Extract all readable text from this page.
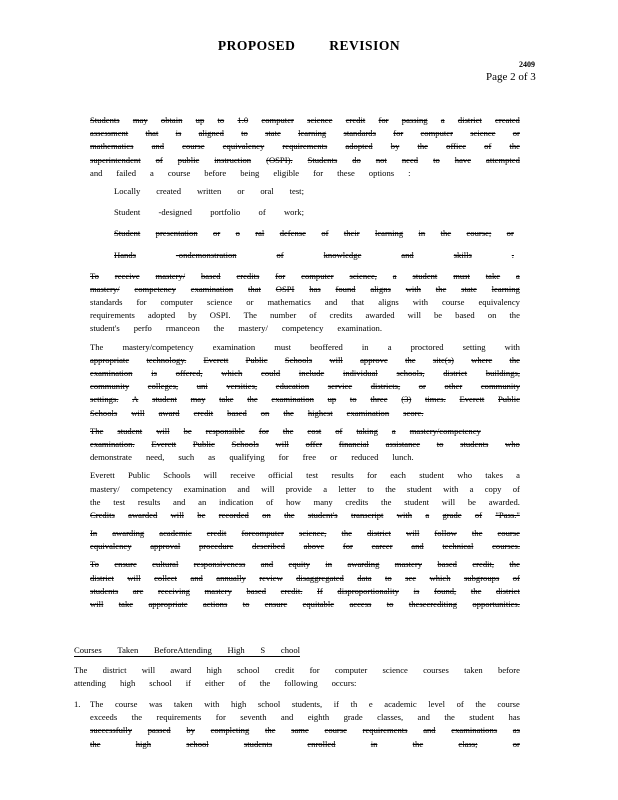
PROPOSED REVISION
2409
Page 2 of 3
Students may obtain up to 1.0 computer science credit for passing a district created
assessment that is aligned to state learning standards for computer science or
mathematics and course equivalency requirements adopted by the office of the
superintendent of public instruction (OSPI). Students do not need to have attempted
and failed a course before being eligible for these options :
Locally created written or oral test;
Student -designed portfolio of work;
Student presentation or o ral defense of their learning in the course; or
Hands	-ondemonstration	of	knowledge	and	skills	.
To receive mastery/ based credits for computer science, a student must take a
mastery/ competency examination that OSPI has found aligns with the state learning
standards for computer science or mathematics and that aligns with course equivalency
requirements adopted by OSPI. The number of credits awarded will be based on the
student's perfo rmanceon the mastery/ competency examination.
The mastery/competency examination must beoffered in a proctored setting with
appropriate technology. Everett Public Schools will approve the site(s) where the
examination is offered, which could include individual schools, district buildings,
community colleges, uni versities, education service districts, or other community
settings. A student may take the examination up to three (3) times. Everett Public
Schools will award credit based on the highest examination score.
The student will be responsible for the cost of taking a mastery/competency
examination. Everett Public Schools will offer financial assistance to students who
demonstrate need, such as qualifying for free or reduced lunch.
Everett Public Schools will receive official test results for each student who takes a
mastery/ competency examination and will provide a letter to the student with a copy of
the test results and an indication of how many credits the student will be awarded.
Credits awarded will be recorded on the student's transcript with a grade of "Pass."
In awarding academic credit forcomputer science, the district will follow the course
equivalency approval procedure described above for career and technical courses.
To ensure cultural responsiveness and equity in awarding mastery based credit, the
district will collect and annually review disaggregated data to see which subgroups of
students are receiving mastery based credit. If disproportionality is found, the district
will take appropriate actions to ensure equitable access to thesecrediting opportunities.
Courses Taken BeforeAttending High S chool
The district will award high school credit for computer science courses taken before
attending high school if either of the following occurs:
1.	The course was taken with high school students, if th e academic level of the course
exceeds the requirements for seventh and eighth grade classes, and the student has
successfully passed by completing the same course requirements and examinations as
the	high	school	students	enrolled	in	the	class;	or
